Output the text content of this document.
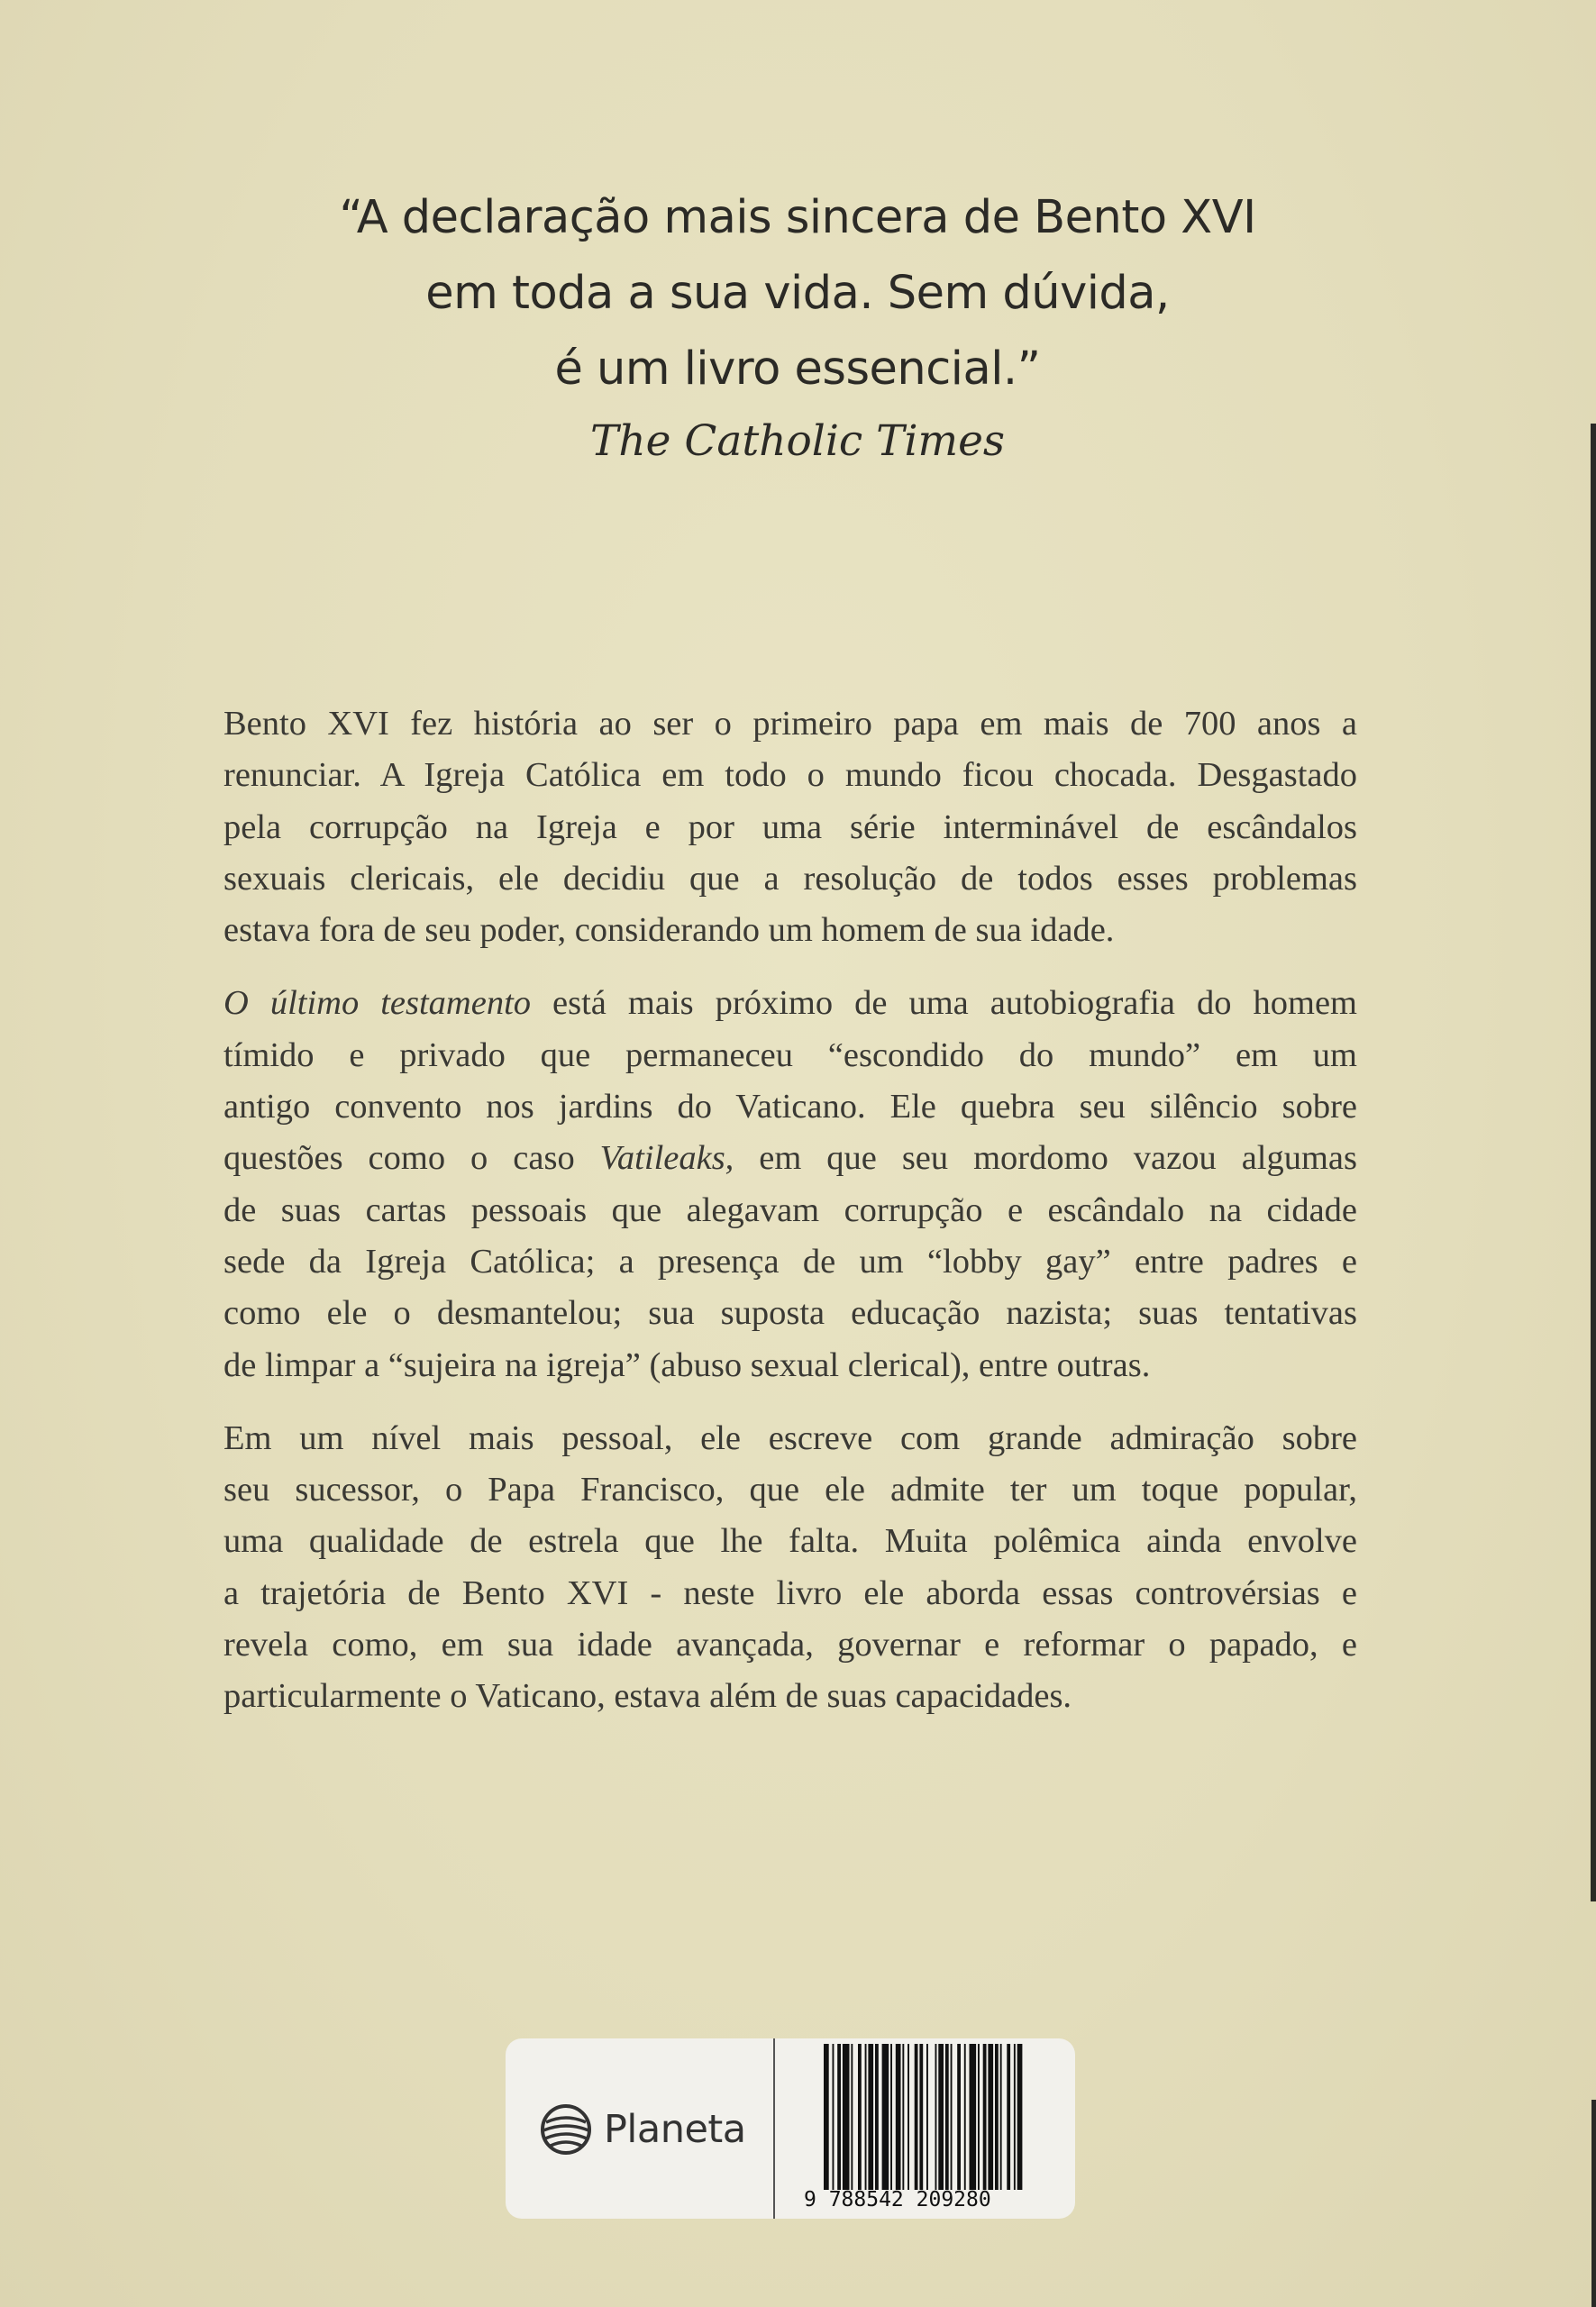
“A declaração mais sincera de Bento XVI
em toda a sua vida. Sem dúvida,
é um livro essencial.”
The Catholic Times

Bento XVI fez história ao ser o primeiro papa em mais de 700 anos a
renunciar. A Igreja Católica em todo o mundo ficou chocada. Desgastado
pela corrupção na Igreja e por uma série interminável de escândalos
sexuais clericais, ele decidiu que a resolução de todos esses problemas
estava fora de seu poder, considerando um homem de sua idade.

O último testamento está mais próximo de uma autobiografia do homem
tímido e privado que permaneceu “escondido do mundo” em um
antigo convento nos jardins do Vaticano. Ele quebra seu silêncio sobre
questões como o caso Vatileaks, em que seu mordomo vazou algumas
de suas cartas pessoais que alegavam corrupção e escândalo na cidade
sede da Igreja Católica; a presença de um “lobby gay” entre padres e
como ele o desmantelou; sua suposta educação nazista; suas tentativas
de limpar a “sujeira na igreja” (abuso sexual clerical), entre outras.

Em um nível mais pessoal, ele escreve com grande admiração sobre
seu sucessor, o Papa Francisco, que ele admite ter um toque popular,
uma qualidade de estrela que lhe falta. Muita polêmica ainda envolve
a trajetória de Bento XVI - neste livro ele aborda essas controvérsias e
revela como, em sua idade avançada, governar e reformar o papado, e
particularmente o Vaticano, estava além de suas capacidades.

Planeta
9 788542 209280
